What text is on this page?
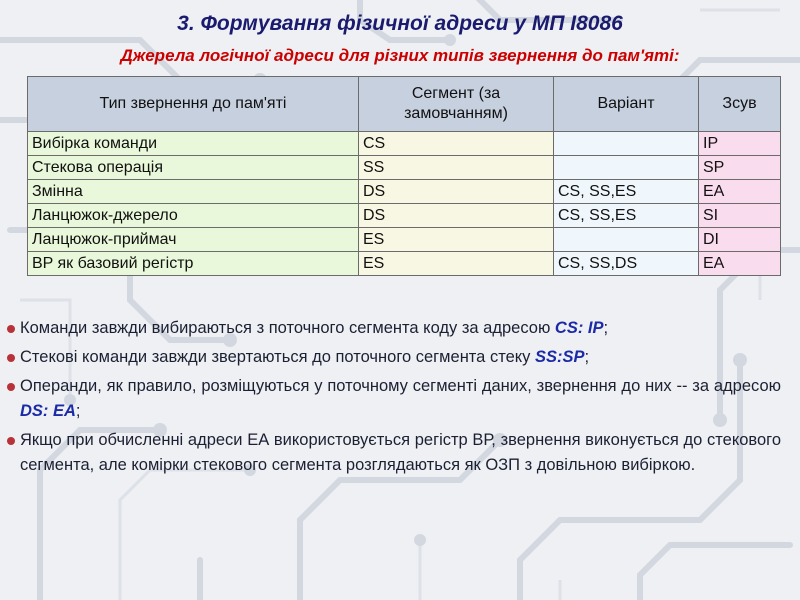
3. Формування фізичної адреси у МП I8086
Джерела логічної адреси для різних типів звернення до пам'яті:
Тип звернення до пам'яті	Сегмент (за замовчанням)	Варіант	Зсув
Вибірка команди	CS		IP
Стекова операція	SS		SP
Змінна	DS	CS, SS,ES	EA
Ланцюжок-джерело	DS	CS, SS,ES	SI
Ланцюжок-приймач	ES		DI
BP як базовий регістр	ES	CS, SS,DS	EA
Команди завжди вибираються з поточного сегмента коду за адресою CS: IP;
Стекові команди завжди звертаються до поточного сегмента стеку SS:SP;
Операнди, як правило, розміщуються у поточному сегменті даних, звернення до них -- за адресою DS: EA;
Якщо при обчисленні адреси ЕА використовується регістр ВР, звернення виконується до стекового сегмента, але комірки стекового сегмента розглядаються як ОЗП з довільною вибіркою.
